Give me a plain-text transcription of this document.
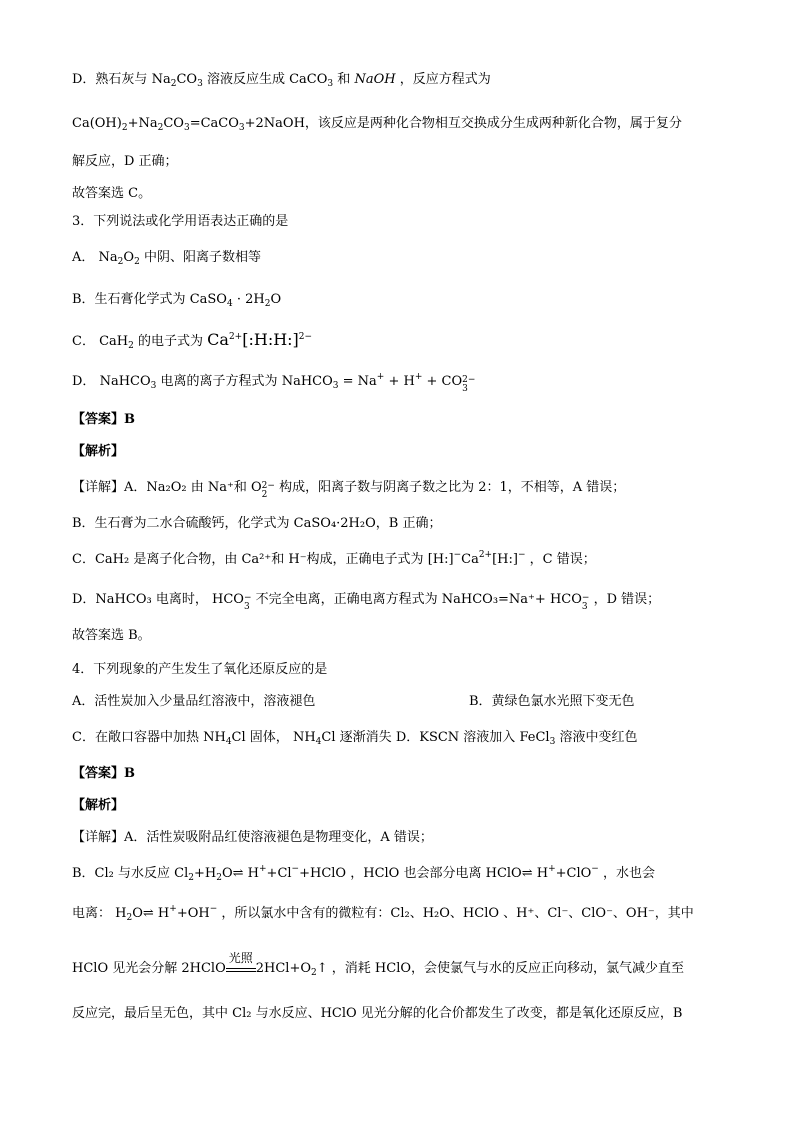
D．熟石灰与 $Na_2CO_3$ 溶液反应生成 CaCO$_3$ 和 NaOH ，反应方程式为
$Ca(OH)_2+Na_2CO_3=CaCO_3+2NaOH$，该反应是两种化合物相互交换成分生成两种新化合物，属于复分
解反应，D 正确；
故答案选 C。
3．下列说法或化学用语表达正确的是
A． $Na_2O_2$ 中阴、阳离子数相等
B．生石膏化学式为 CaSO$_4$ · $2H_2O$
C． CaH$_2$ 的电子式为 $Ca^{2+}[:H:H:]^{2-}$
D． NaHCO$_3$ 电离的离子方程式为 NaHCO$_3$ = Na+ + H+ + CO 2−
3
【答案】B
【解析】
【详解】A．Na₂O₂ 由 Na⁺和 O 2−
2 构成，阳离子数与阴离子数之比为 2：1，不相等，A 错误；
B．生石膏为二水合硫酸钙，化学式为 CaSO₄·2H₂O，B 正确；
C．CaH₂ 是离子化合物，由 Ca²⁺和 H⁻构成，正确电子式为 $[H:]^-Ca^{2+}[H:]^-$ ，C 错误；
D．NaHCO₃ 电离时， HCO −
3 不完全电离，正确电离方程式为 NaHCO₃=Na⁺+ HCO −
3 ，D 错误；
故答案选 B。
4．下列现象的产生发生了氧化还原反应的是
A．活性炭加入少量品红溶液中，溶液褪色	B．黄绿色氯水光照下变无色
C．在敞口容器中加热 $NH_4Cl$ 固体， $NH_4Cl$ 逐渐消失 D．KSCN 溶液加入 FeCl$_3$ 溶液中变红色
【答案】B
【解析】
【详解】A．活性炭吸附品红使溶液褪色是物理变化，A 错误；
B．Cl₂ 与水反应 $Cl_2+H_2O\rightleftharpoons$ H++Cl−+HClO ，HClO 也会部分电离 HClO⇌ H++ClO− ，水也会
电离： $H_2O\rightleftharpoons$ H++OH− ，所以氯水中含有的微粒有：Cl₂、H₂O、HClO 、H⁺、Cl⁻、ClO⁻、OH⁻，其中
HClO 见光会分解 2HClO
光照
$2HCl+O_2↑$ ，消耗 HClO，会使氯气与水的反应正向移动，氯气减少直至
反应完，最后呈无色，其中 Cl₂ 与水反应、HClO 见光分解的化合价都发生了改变，都是氧化还原反应，B
